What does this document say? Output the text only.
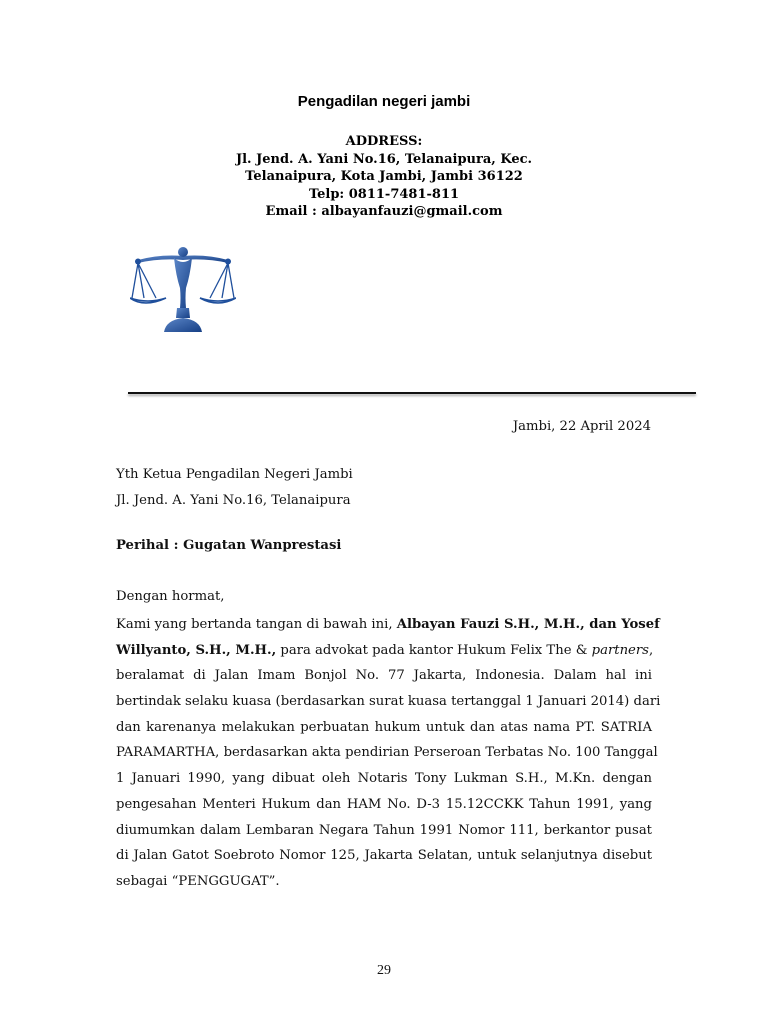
Pengadilan negeri jambi
ADDRESS:
Jl. Jend. A. Yani No.16, Telanaipura, Kec.
Telanaipura, Kota Jambi, Jambi 36122
Telp: 0811-7481-811
Email : albayanfauzi@gmail.com
Jambi, 22 April 2024
Yth Ketua Pengadilan Negeri Jambi
Jl. Jend. A. Yani No.16, Telanaipura
Perihal : Gugatan Wanprestasi
Dengan hormat,
Kami yang bertanda tangan di bawah ini, Albayan Fauzi S.H., M.H., dan Yosef
Willyanto, S.H., M.H., para advokat pada kantor Hukum Felix The & partners,
beralamat di Jalan Imam Bonjol No. 77 Jakarta, Indonesia. Dalam hal ini
bertindak selaku kuasa (berdasarkan surat kuasa tertanggal 1 Januari 2014) dari
dan karenanya melakukan perbuatan hukum untuk dan atas nama PT. SATRIA
PARAMARTHA, berdasarkan akta pendirian Perseroan Terbatas No. 100 Tanggal
1 Januari 1990, yang dibuat oleh Notaris Tony Lukman S.H., M.Kn. dengan
pengesahan Menteri Hukum dan HAM No. D-3 15.12CCKK Tahun 1991, yang
diumumkan dalam Lembaran Negara Tahun 1991 Nomor 111, berkantor pusat
di Jalan Gatot Soebroto Nomor 125, Jakarta Selatan, untuk selanjutnya disebut
sebagai “PENGGUGAT”.
29
